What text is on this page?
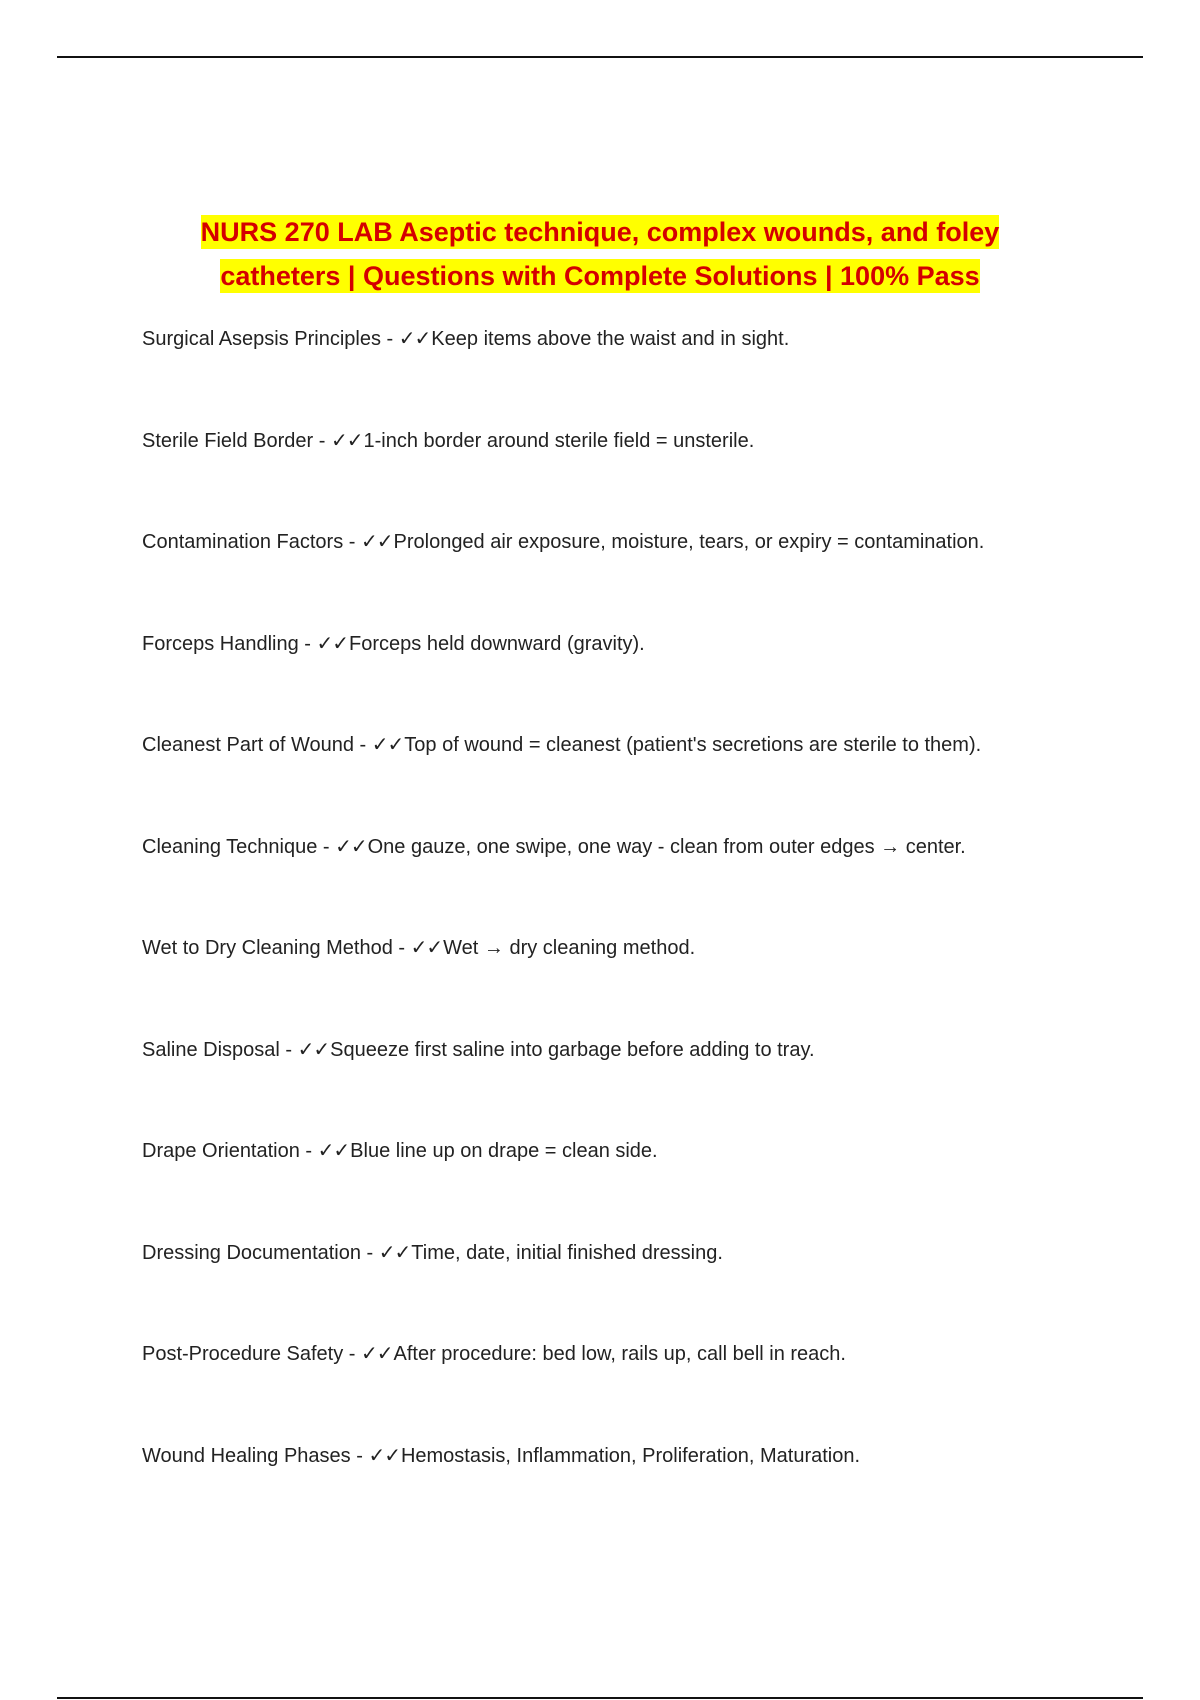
NURS 270 LAB Aseptic technique, complex wounds, and foley
catheters | Questions with Complete Solutions | 100% Pass
Surgical Asepsis Principles - ✓✓Keep items above the waist and in sight.
Sterile Field Border - ✓✓1-inch border around sterile field = unsterile.
Contamination Factors - ✓✓Prolonged air exposure, moisture, tears, or expiry = contamination.
Forceps Handling - ✓✓Forceps held downward (gravity).
Cleanest Part of Wound - ✓✓Top of wound = cleanest (patient's secretions are sterile to them).
Cleaning Technique - ✓✓One gauze, one swipe, one way - clean from outer edges → center.
Wet to Dry Cleaning Method - ✓✓Wet → dry cleaning method.
Saline Disposal - ✓✓Squeeze first saline into garbage before adding to tray.
Drape Orientation - ✓✓Blue line up on drape = clean side.
Dressing Documentation - ✓✓Time, date, initial finished dressing.
Post-Procedure Safety - ✓✓After procedure: bed low, rails up, call bell in reach.
Wound Healing Phases - ✓✓Hemostasis, Inflammation, Proliferation, Maturation.
